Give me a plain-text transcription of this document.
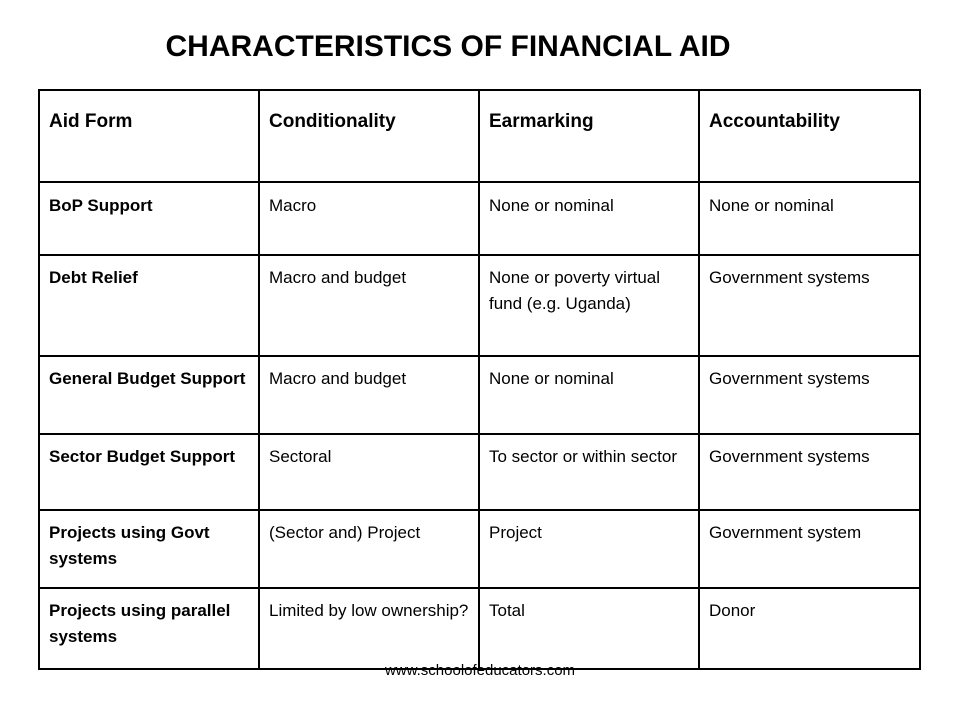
CHARACTERISTICS OF FINANCIAL AID
Aid Form	Conditionality	Earmarking	Accountability
BoP Support	Macro	None or nominal	None or nominal
Debt Relief	Macro and budget	None or poverty virtual fund (e.g. Uganda)	Government systems
General Budget Support	Macro and budget	None or nominal	Government systems
Sector Budget Support	Sectoral	To sector or within sector	Government systems
Projects using Govt systems	(Sector and) Project	Project	Government system
Projects using parallel systems	Limited by low ownership?	Total	Donor
www.schoolofeducators.com
